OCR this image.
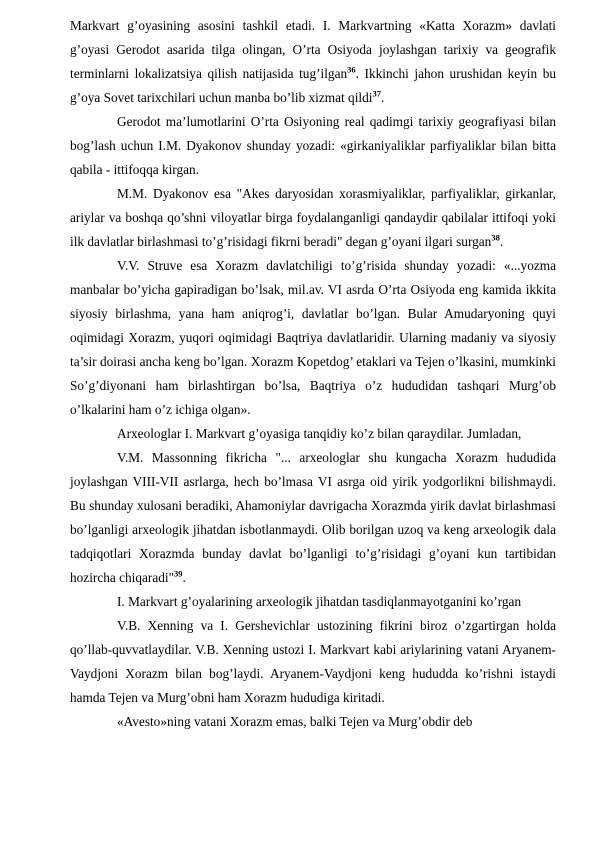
Markvart g’oyasining asosini tashkil etadi. I. Markvartning «Katta Xorazm» davlati g’oyasi Gerodot asarida tilga olingan, O’rta Osiyoda joylashgan tarixiy va geografik terminlarni lokalizatsiya qilish natijasida tug’ilgan$^{36}$. Ikkinchi jahon urushidan keyin bu g’oya Sovet tarixchilari uchun manba bo’lib xizmat qildi$^{37}$.

Gerodot ma’lumotlarini O’rta Osiyoning real qadimgi tarixiy geografiyasi bilan bog’lash uchun I.M. Dyakonov shunday yozadi: «girkaniyaliklar parfiyaliklar bilan bitta qabila - ittifoqqa kirgan.

M.M. Dyakonov esa "Akes daryosidan xorasmiyaliklar, parfiyaliklar, girkanlar, ariylar va boshqa qo’shni viloyatlar birga foydalanganligi qandaydir qabilalar ittifoqi yoki ilk davlatlar birlashmasi to’g’risidagi fikrni beradi" degan g’oyani ilgari surgan$^{38}$.

V.V. Struve esa Xorazm davlatchiligi to’g’risida shunday yozadi: «...yozma manbalar bo’yicha gapiradigan bo’lsak, mil.av. VI asrda O’rta Osiyoda eng kamida ikkita siyosiy birlashma, yana ham aniqrog’i, davlatlar bo’lgan. Bular Amudaryoning quyi oqimidagi Xorazm, yuqori oqimidagi Baqtriya davlatlaridir. Ularning madaniy va siyosiy ta’sir doirasi ancha keng bo’lgan. Xorazm Kopetdog’ etaklari va Tejen o’lkasini, mumkinki So’g’diyonani ham birlashtirgan bo’lsa, Baqtriya o’z hududidan tashqari Murg’ob o’lkalarini ham o’z ichiga olgan».

Arxeologlar I. Markvart g’oyasiga tanqidiy ko’z bilan qaraydilar. Jumladan,

V.M. Massonning fikricha "... arxeologlar shu kungacha Xorazm hududida joylashgan VIII-VII asrlarga, hech bo’lmasa VI asrga oid yirik yodgorlikni bilishmaydi. Bu shunday xulosani beradiki, Ahamoniylar davrigacha Xorazmda yirik davlat birlashmasi bo’lganligi arxeologik jihatdan isbotlanmaydi. Olib borilgan uzoq va keng arxeologik dala tadqiqotlari Xorazmda bunday davlat bo’lganligi to’g’risidagi g’oyani kun tartibidan hozircha chiqaradi"$^{39}$.

I. Markvart g’oyalarining arxeologik jihatdan tasdiqlanmayotganini ko’rgan

V.B. Xenning va I. Gershevichlar ustozining fikrini biroz o’zgartirgan holda qo’llab-quvvatlaydilar. V.B. Xenning ustozi I. Markvart kabi ariylarining vatani Aryanem-Vaydjoni Xorazm bilan bog’laydi. Aryanem-Vaydjoni keng hududda ko’rishni istaydi hamda Tejen va Murg’obni ham Xorazm hududiga kiritadi.

«Avesto»ning vatani Xorazm emas, balki Tejen va Murg’obdir deb
